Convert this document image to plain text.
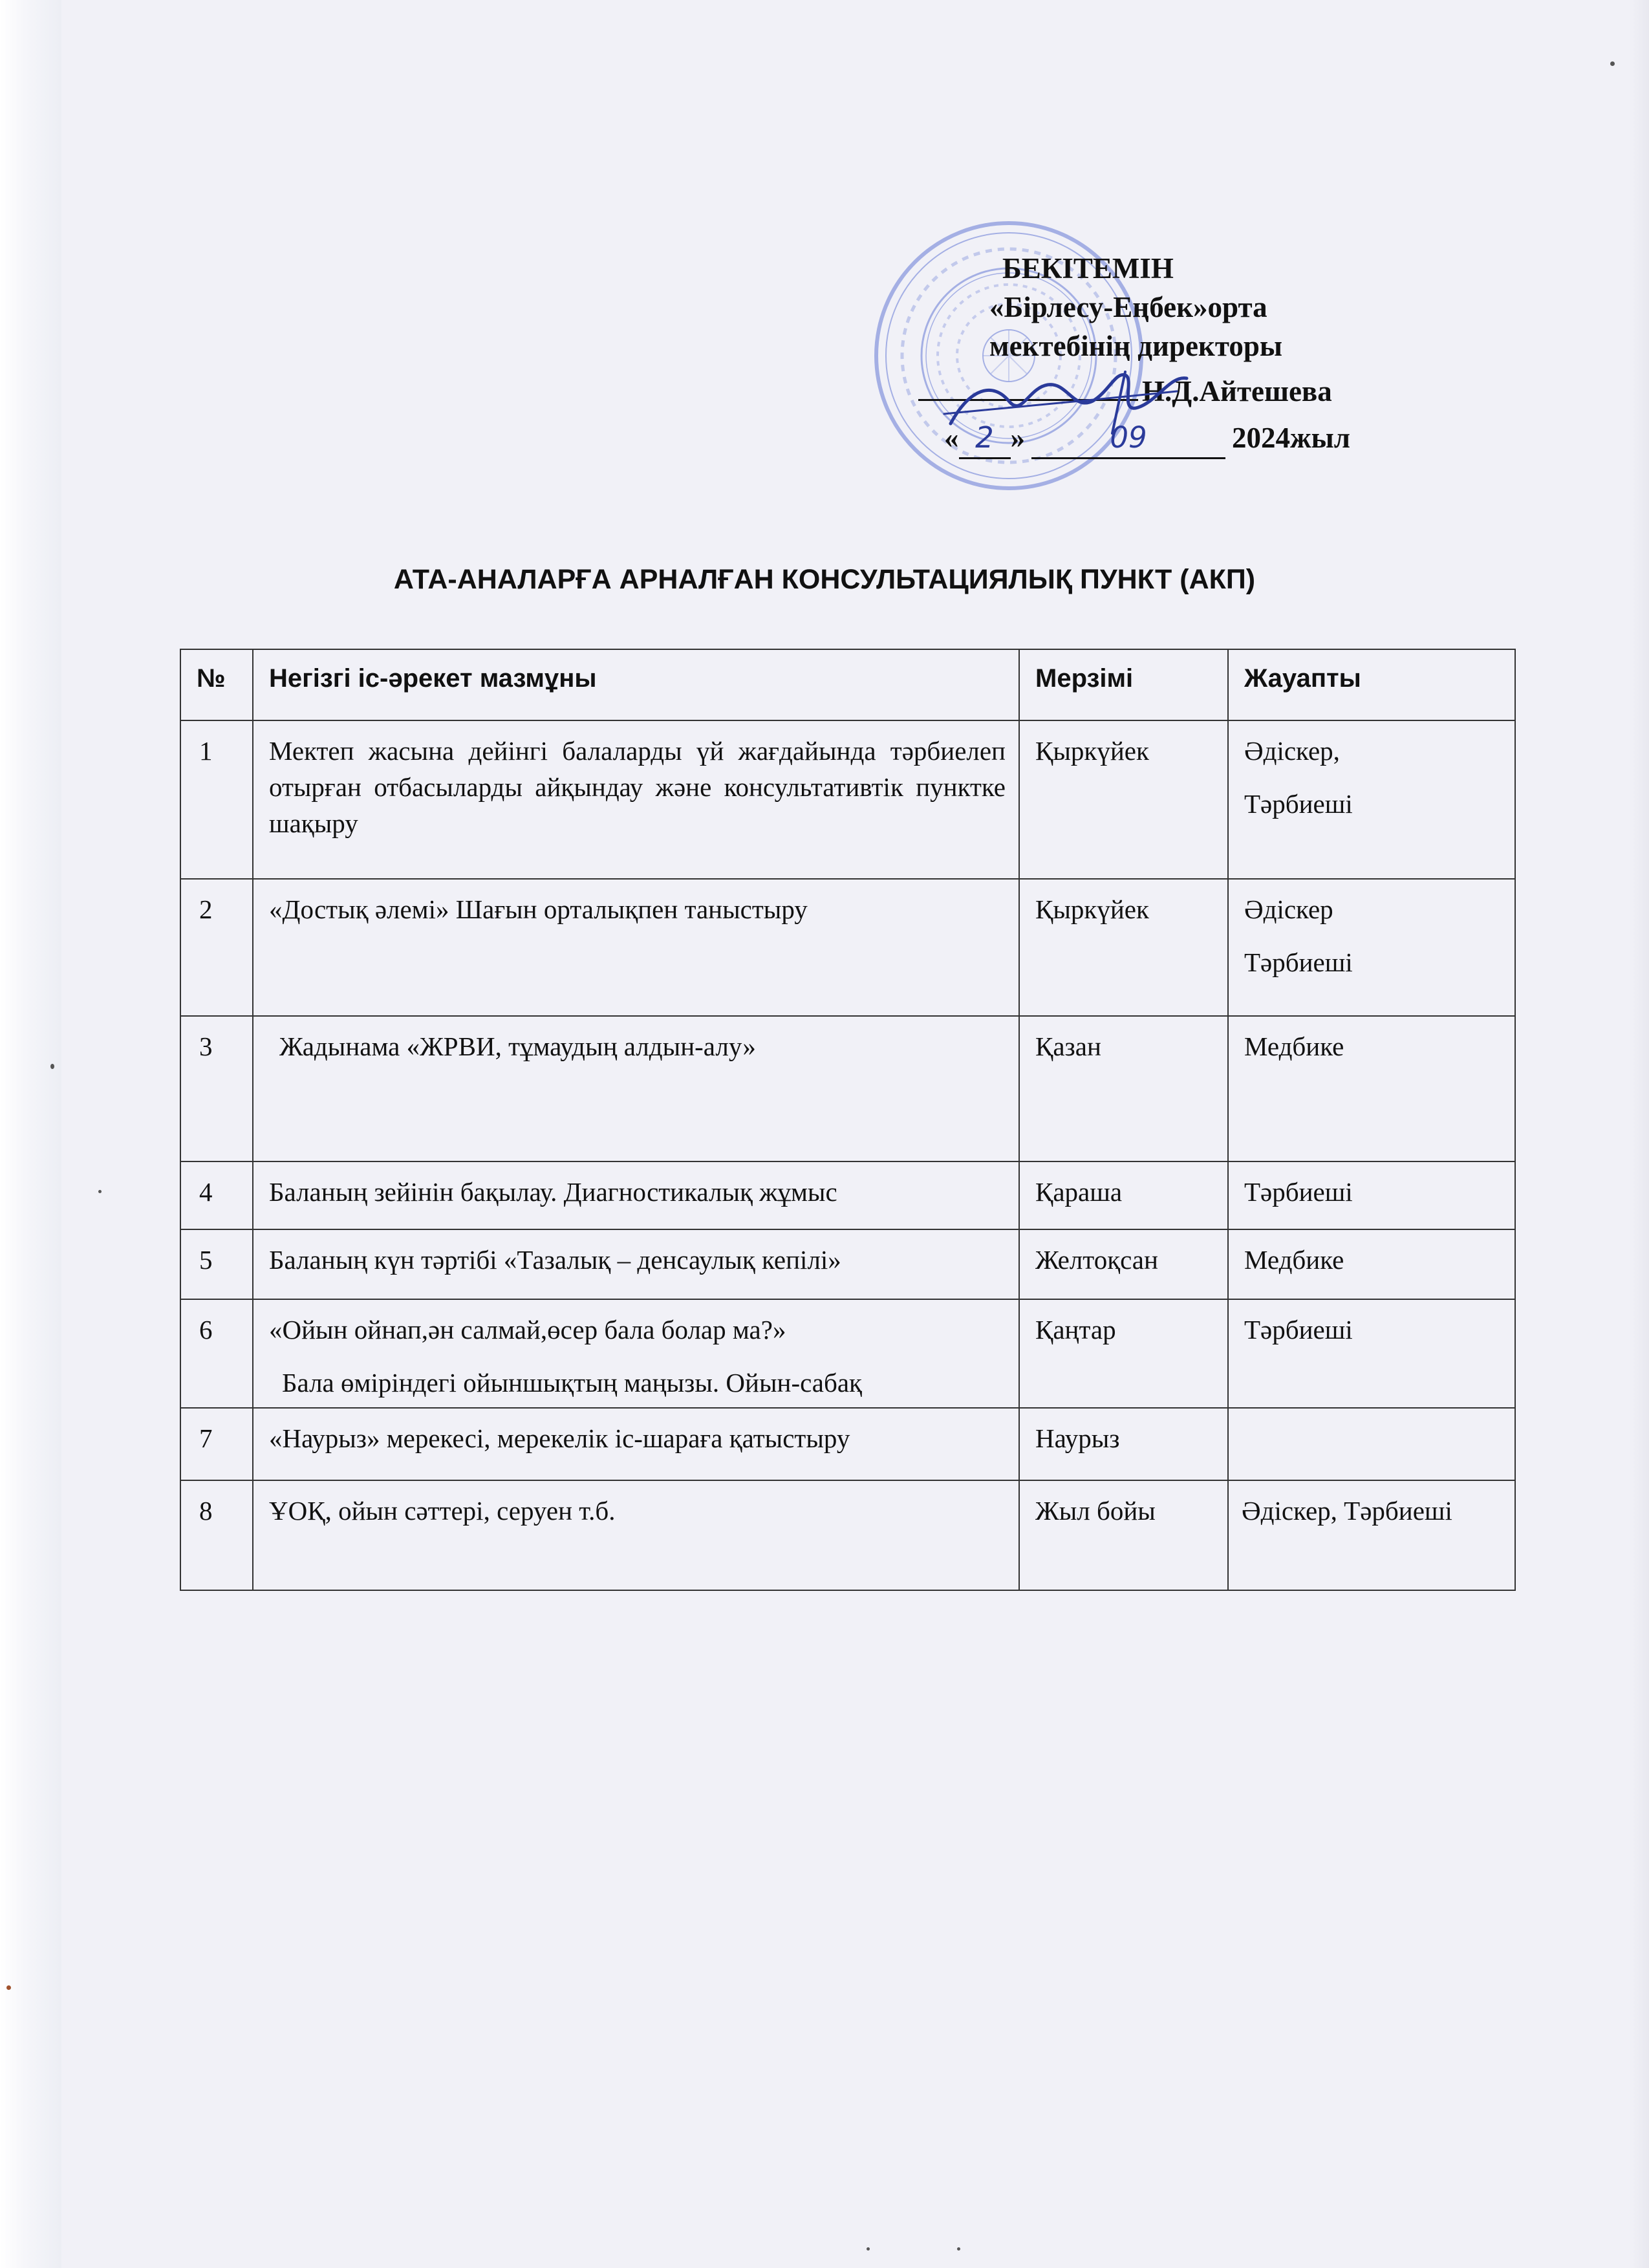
БЕКІТЕМІН
«Бірлесу-Еңбек»орта
мектебінің директоры
Н.Д.Айтешева
« 2 »	09	2024жыл
АТА-АНАЛАРҒА АРНАЛҒАН КОНСУЛЬТАЦИЯЛЫҚ ПУНКТ (АКП)
№	Негізгі іс-әрекет мазмұны	Мерзімі	Жауапты
1	Мектеп жасына дейінгі балаларды үй жағдайында тәрбиелеп отырған отбасыларды айқындау және консультативтік пунктке шақыру	Қыркүйек	Әдіскер,
Тәрбиеші

2	«Достық әлемі» Шағын орталықпен таныстыру	Қыркүйек	Әдіскер
Тәрбиеші

3	Жадынама «ЖРВИ, тұмаудың алдын-алу»	Қазан	Медбике
4	Баланың зейінін бақылау. Диагностикалық жұмыс	Қараша	Тәрбиеші
5	Баланың күн тәртібі «Тазалық – денсаулық кепілі»	Желтоқсан	Медбике
6	«Ойын ойнап,ән салмай,өсер бала болар ма?»
Бала өміріндегі ойыншықтың маңызы. Ойын-сабақ	Қаңтар	Тәрбиеші
7	«Наурыз» мерекесі, мерекелік іс-шараға қатыстыру	Наурыз	
8	ҰОҚ, ойын сәттері, серуен т.б.	Жыл бойы	Әдіскер, Тәрбиеші
